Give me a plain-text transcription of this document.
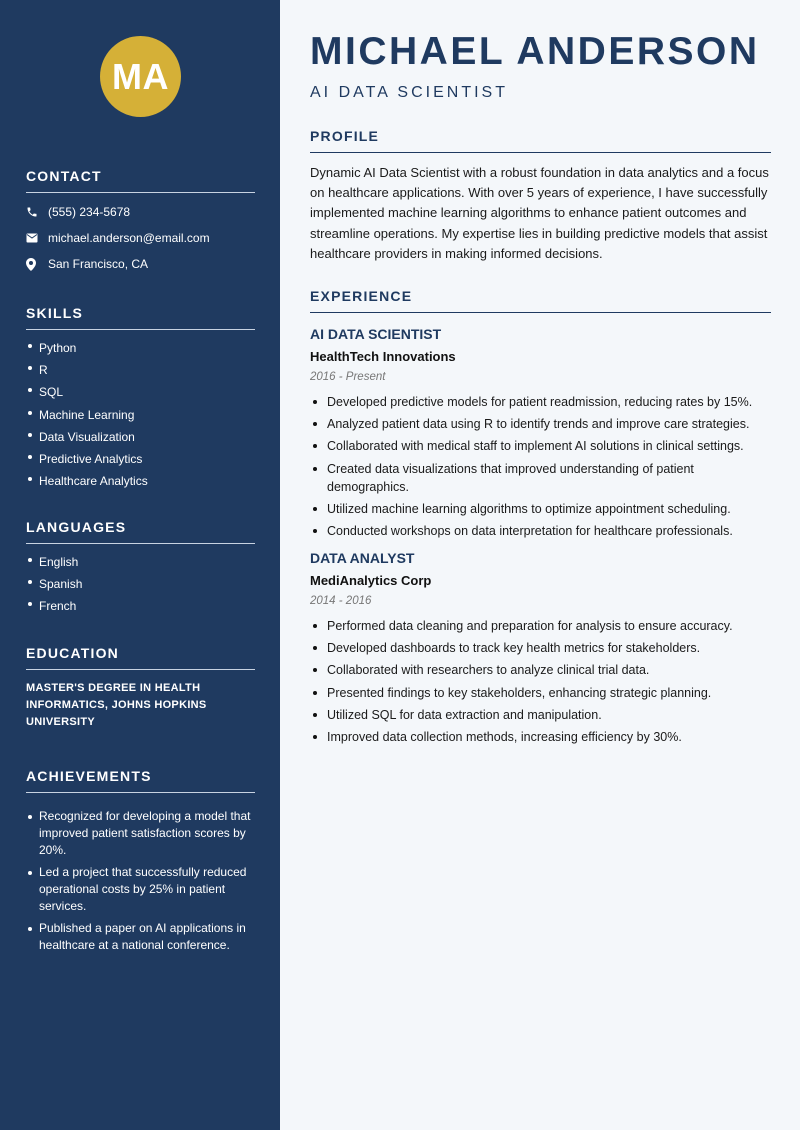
MA
CONTACT
(555) 234-5678
michael.anderson@email.com
San Francisco, CA
SKILLS
Python
R
SQL
Machine Learning
Data Visualization
Predictive Analytics
Healthcare Analytics
LANGUAGES
English
Spanish
French
EDUCATION
MASTER'S DEGREE IN HEALTH INFORMATICS, JOHNS HOPKINS UNIVERSITY
ACHIEVEMENTS
Recognized for developing a model that improved patient satisfaction scores by 20%.
Led a project that successfully reduced operational costs by 25% in patient services.
Published a paper on AI applications in healthcare at a national conference.
MICHAEL ANDERSON
AI DATA SCIENTIST
PROFILE
Dynamic AI Data Scientist with a robust foundation in data analytics and a focus on healthcare applications. With over 5 years of experience, I have successfully implemented machine learning algorithms to enhance patient outcomes and streamline operations. My expertise lies in building predictive models that assist healthcare providers in making informed decisions.
EXPERIENCE
AI DATA SCIENTIST
HealthTech Innovations
2016 - Present
Developed predictive models for patient readmission, reducing rates by 15%.
Analyzed patient data using R to identify trends and improve care strategies.
Collaborated with medical staff to implement AI solutions in clinical settings.
Created data visualizations that improved understanding of patient demographics.
Utilized machine learning algorithms to optimize appointment scheduling.
Conducted workshops on data interpretation for healthcare professionals.
DATA ANALYST
MediAnalytics Corp
2014 - 2016
Performed data cleaning and preparation for analysis to ensure accuracy.
Developed dashboards to track key health metrics for stakeholders.
Collaborated with researchers to analyze clinical trial data.
Presented findings to key stakeholders, enhancing strategic planning.
Utilized SQL for data extraction and manipulation.
Improved data collection methods, increasing efficiency by 30%.
